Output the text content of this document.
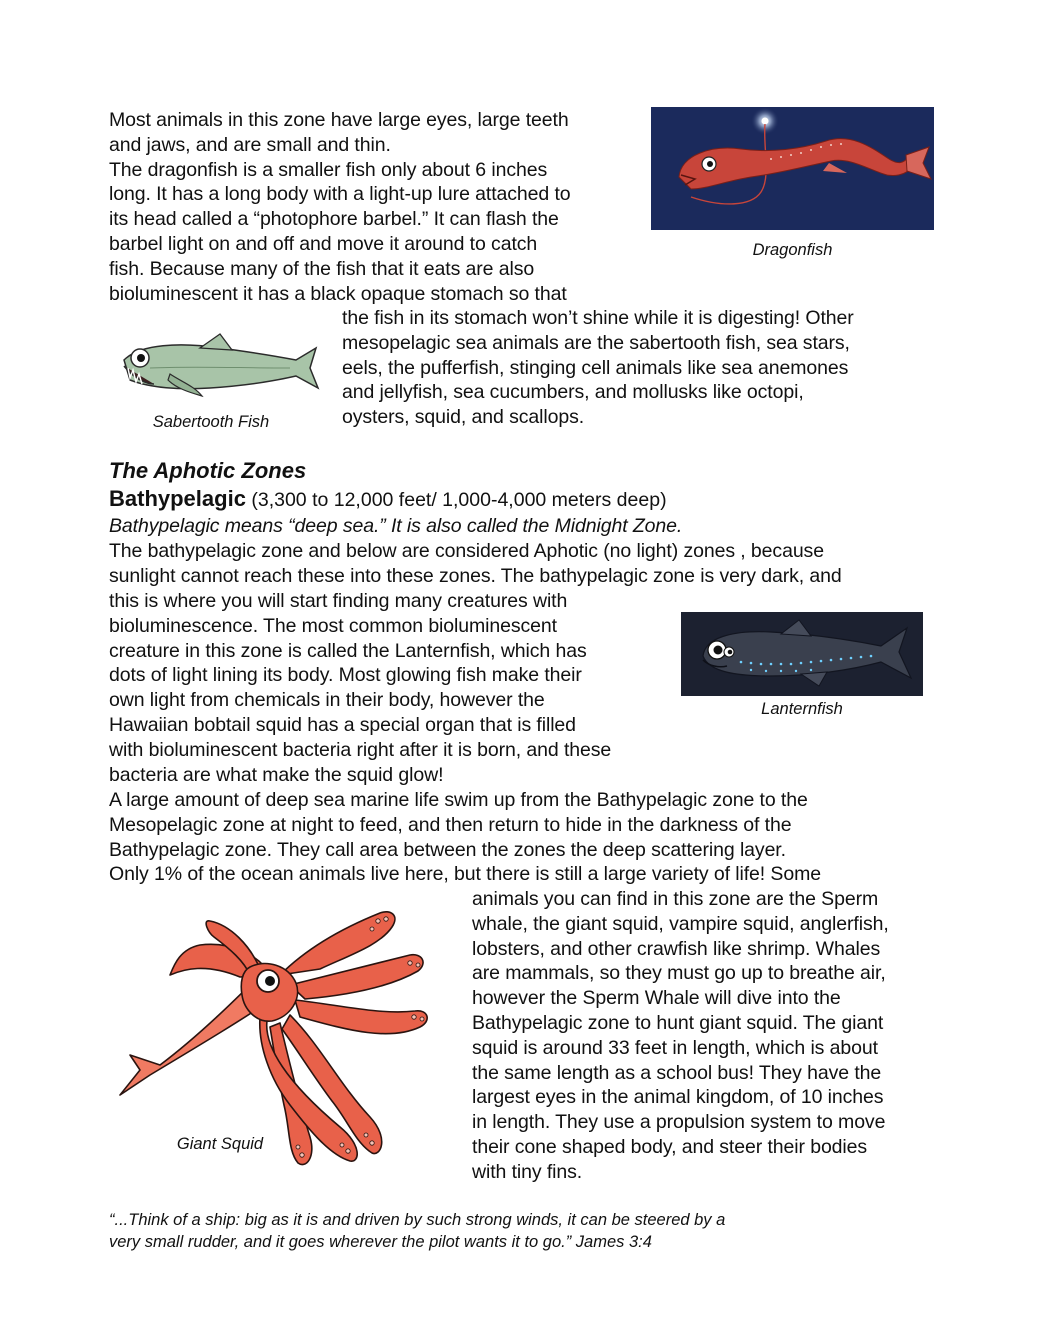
Most animals in this zone have large eyes, large teeth
and jaws, and are small and thin.
The dragonfish is a smaller fish only about 6 inches
long. It has a long body with a light-up lure attached to
its head called a “photophore barbel.” It can flash the
barbel light on and off and move it around to catch
fish. Because many of the fish that it eats are also
bioluminescent it has a black opaque stomach so that
the fish in its stomach won’t shine while it is digesting! Other
mesopelagic sea animals are the sabertooth fish, sea stars,
eels, the pufferfish, stinging cell animals like sea anemones
and jellyfish, sea cucumbers, and mollusks like octopi,
oysters, squid, and scallops.
Dragonfish
Sabertooth Fish
The Aphotic Zones
Bathypelagic (3,300 to 12,000 feet/ 1,000-4,000 meters deep)
Bathypelagic means “deep sea.” It is also called the Midnight Zone.
The bathypelagic zone and below are considered Aphotic (no light) zones , because
sunlight cannot reach these into these zones. The bathypelagic zone is very dark, and
this is where you will start finding many creatures with
bioluminescence. The most common bioluminescent
creature in this zone is called the Lanternfish, which has
dots of light lining its body. Most glowing fish make their
own light from chemicals in their body, however the
Hawaiian bobtail squid has a special organ that is filled
with bioluminescent bacteria right after it is born, and these
bacteria are what make the squid glow!
Lanternfish
A large amount of deep sea marine life swim up from the Bathypelagic zone to the
Mesopelagic zone at night to feed, and then return to hide in the darkness of the
Bathypelagic zone. They call area between the zones the deep scattering layer.
Only 1% of the ocean animals live here, but there is still a large variety of life! Some
animals you can find in this zone are the Sperm
whale, the giant squid, vampire squid, anglerfish,
lobsters, and other crawfish like shrimp. Whales
are mammals, so they must go up to breathe air,
however the Sperm Whale will dive into the
Bathypelagic zone to hunt giant squid. The giant
squid is around 33 feet in length, which is about
the same length as a school bus! They have the
largest eyes in the animal kingdom, of 10 inches
in length. They use a propulsion system to move
their cone shaped body, and steer their bodies
with tiny fins.
Giant Squid
“...Think of a ship: big as it is and driven by such strong winds, it can be steered by a
very small rudder, and it goes wherever the pilot wants it to go.” James 3:4
